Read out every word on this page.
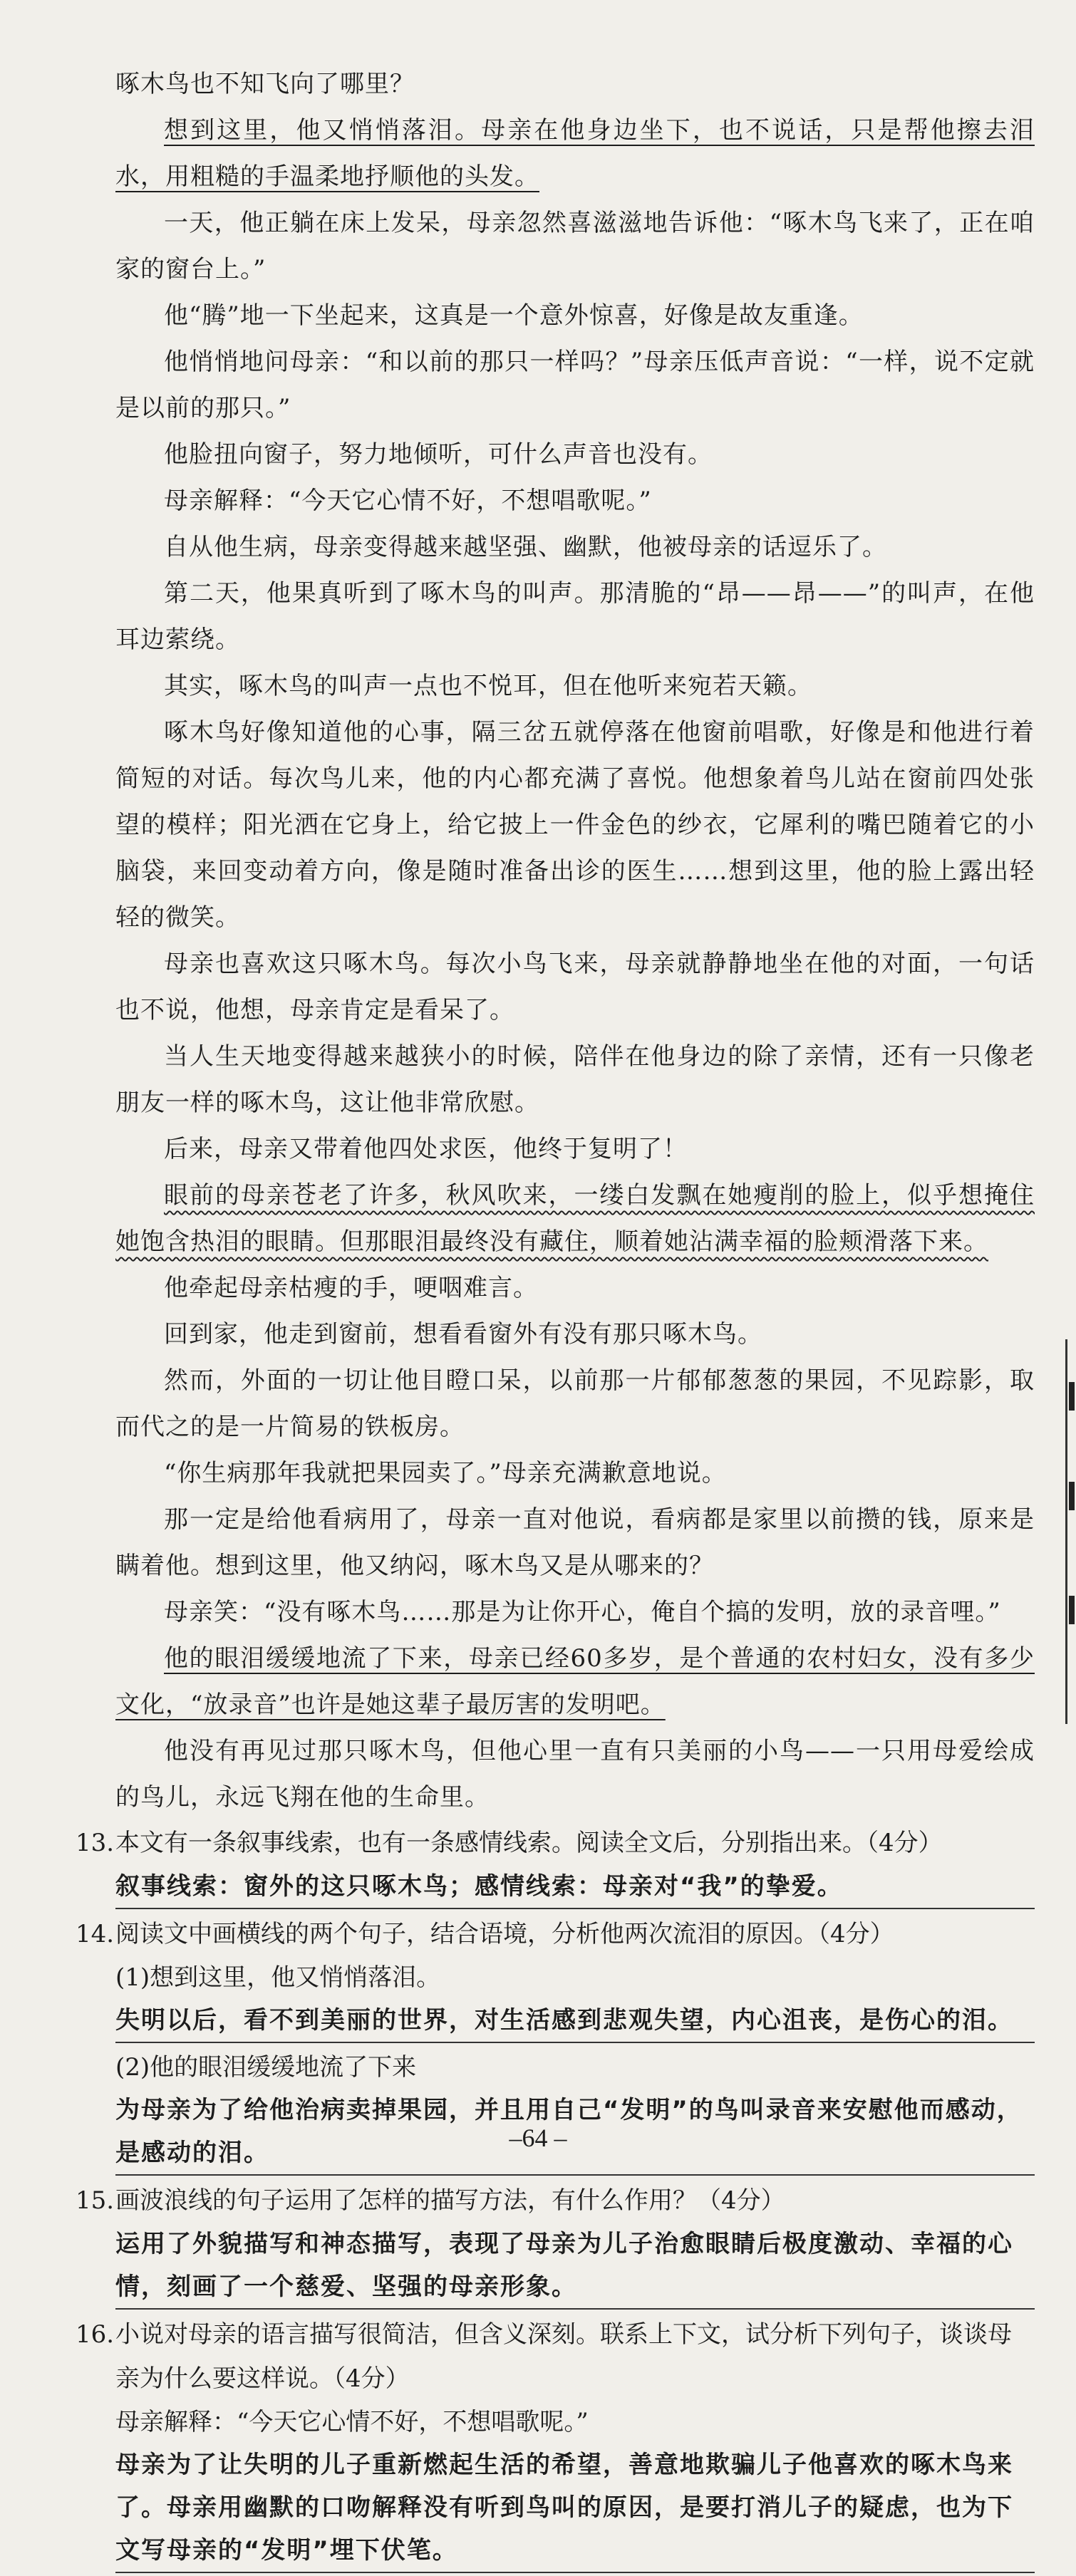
啄木鸟也不知飞向了哪里？

想到这里，他又悄悄落泪。母亲在他身边坐下，也不说话，只是帮他擦去泪水，用粗糙的手温柔地抒顺他的头发。

一天，他正躺在床上发呆，母亲忽然喜滋滋地告诉他：“啄木鸟飞来了，正在咱家的窗台上。”

他“腾”地一下坐起来，这真是一个意外惊喜，好像是故友重逢。

他悄悄地问母亲：“和以前的那只一样吗？”母亲压低声音说：“一样，说不定就是以前的那只。”

他脸扭向窗子，努力地倾听，可什么声音也没有。

母亲解释：“今天它心情不好，不想唱歌呢。”

自从他生病，母亲变得越来越坚强、幽默，他被母亲的话逗乐了。

第二天，他果真听到了啄木鸟的叫声。那清脆的“昂——昂——”的叫声，在他耳边萦绕。

其实，啄木鸟的叫声一点也不悦耳，但在他听来宛若天籁。

啄木鸟好像知道他的心事，隔三岔五就停落在他窗前唱歌，好像是和他进行着简短的对话。每次鸟儿来，他的内心都充满了喜悦。他想象着鸟儿站在窗前四处张望的模样；阳光洒在它身上，给它披上一件金色的纱衣，它犀利的嘴巴随着它的小脑袋，来回变动着方向，像是随时准备出诊的医生……想到这里，他的脸上露出轻轻的微笑。

母亲也喜欢这只啄木鸟。每次小鸟飞来，母亲就静静地坐在他的对面，一句话也不说，他想，母亲肯定是看呆了。

当人生天地变得越来越狭小的时候，陪伴在他身边的除了亲情，还有一只像老朋友一样的啄木鸟，这让他非常欣慰。

后来，母亲又带着他四处求医，他终于复明了！

眼前的母亲苍老了许多，秋风吹来，一缕白发飘在她瘦削的脸上，似乎想掩住她饱含热泪的眼睛。但那眼泪最终没有藏住，顺着她沾满幸福的脸颊滑落下来。

他牵起母亲枯瘦的手，哽咽难言。

回到家，他走到窗前，想看看窗外有没有那只啄木鸟。

然而，外面的一切让他目瞪口呆，以前那一片郁郁葱葱的果园，不见踪影，取而代之的是一片简易的铁板房。

“你生病那年我就把果园卖了。”母亲充满歉意地说。

那一定是给他看病用了，母亲一直对他说，看病都是家里以前攒的钱，原来是瞒着他。想到这里，他又纳闷，啄木鸟又是从哪来的？

母亲笑：“没有啄木鸟……那是为让你开心，俺自个搞的发明，放的录音哩。”

他的眼泪缓缓地流了下来，母亲已经60多岁，是个普通的农村妇女，没有多少文化，“放录音”也许是她这辈子最厉害的发明吧。

他没有再见过那只啄木鸟，但他心里一直有只美丽的小鸟——一只用母爱绘成的鸟儿，永远飞翔在他的生命里。

13. 本文有一条叙事线索，也有一条感情线索。阅读全文后，分别指出来。（4分）

叙事线索：窗外的这只啄木鸟；感情线索：母亲对“我”的挚爱。

14. 阅读文中画横线的两个句子，结合语境，分析他两次流泪的原因。（4分）

(1)想到这里，他又悄悄落泪。

失明以后，看不到美丽的世界，对生活感到悲观失望，内心沮丧，是伤心的泪。

(2)他的眼泪缓缓地流了下来

为母亲为了给他治病卖掉果园，并且用自己“发明”的鸟叫录音来安慰他而感动，是感动的泪。

15. 画波浪线的句子运用了怎样的描写方法，有什么作用？（4分）

运用了外貌描写和神态描写，表现了母亲为儿子治愈眼睛后极度激动、幸福的心情，刻画了一个慈爱、坚强的母亲形象。

16. 小说对母亲的语言描写很简洁，但含义深刻。联系上下文，试分析下列句子，谈谈母亲为什么要这样说。（4分）

母亲解释：“今天它心情不好，不想唱歌呢。”

母亲为了让失明的儿子重新燃起生活的希望，善意地欺骗儿子他喜欢的啄木鸟来了。母亲用幽默的口吻解释没有听到鸟叫的原因，是要打消儿子的疑虑，也为下文写母亲的“发明”埋下伏笔。

–64 –
